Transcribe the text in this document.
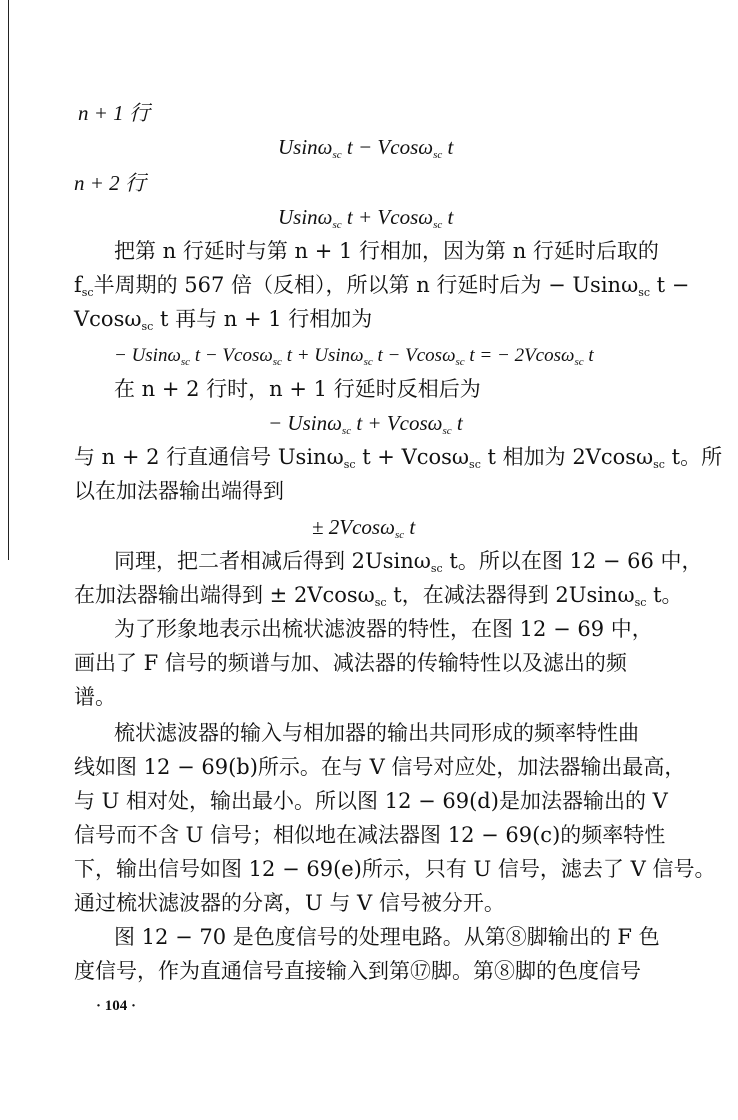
n + 1 行
Usinω$_{sc}$ t − Vcosω$_{sc}$ t
n + 2 行
Usinω$_{sc}$ t + Vcosω$_{sc}$ t
把第 n 行延时与第 n + 1 行相加，因为第 n 行延时后取的
$f_{sc}$半周期的 567 倍（反相），所以第 n 行延时后为 − Usinω$_{sc}$ t −
Vcosω$_{sc}$ t 再与 n + 1 行相加为
− Usinω$_{sc}$ t − Vcosω$_{sc}$ t + Usinω$_{sc}$ t − Vcosω$_{sc}$ t = − 2Vcosω$_{sc}$ t
在 n + 2 行时，n + 1 行延时反相后为
− Usinω$_{sc}$ t + Vcosω$_{sc}$ t
与 n + 2 行直通信号 Usinω$_{sc}$ t + Vcosω$_{sc}$ t 相加为 2Vcosω$_{sc}$ t。所
以在加法器输出端得到
± 2Vcosω$_{sc}$ t
同理，把二者相减后得到 2Usinω$_{sc}$ t。所以在图 12 − 66 中，
在加法器输出端得到 ± 2Vcosω$_{sc}$ t，在减法器得到 2Usinω$_{sc}$ t。
为了形象地表示出梳状滤波器的特性，在图 12 − 69 中，
画出了 F 信号的频谱与加、减法器的传输特性以及滤出的频
谱。
梳状滤波器的输入与相加器的输出共同形成的频率特性曲
线如图 12 − 69(b)所示。在与 V 信号对应处，加法器输出最高，
与 U 相对处，输出最小。所以图 12 − 69(d)是加法器输出的 V
信号而不含 U 信号；相似地在减法器图 12 − 69(c)的频率特性
下，输出信号如图 12 − 69(e)所示，只有 U 信号，滤去了 V 信号。
通过梳状滤波器的分离，U 与 V 信号被分开。
图 12 − 70 是色度信号的处理电路。从第⑧脚输出的 F 色
度信号，作为直通信号直接输入到第⑰脚。第⑧脚的色度信号
· 104 ·
